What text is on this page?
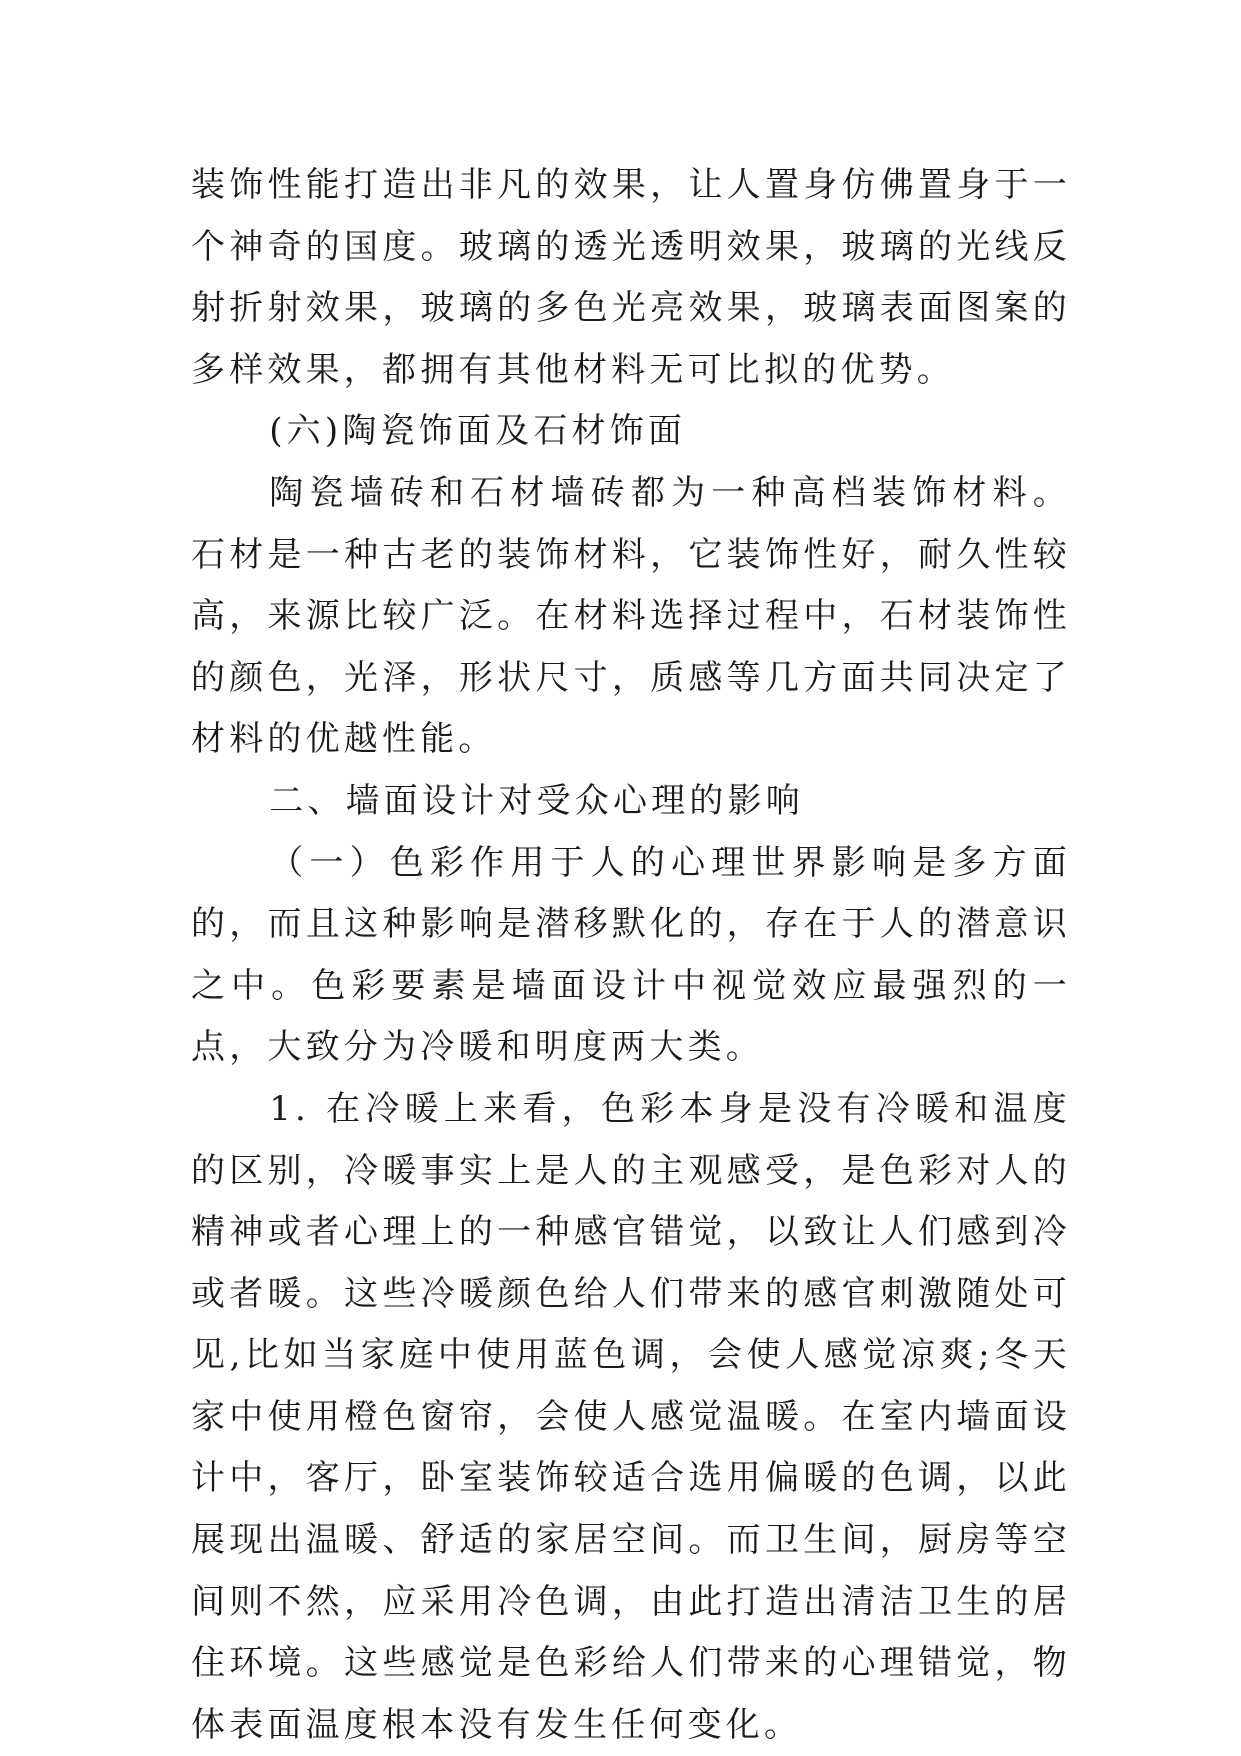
装饰性能打造出非凡的效果，让人置身仿佛置身于一个神奇的国度。玻璃的透光透明效果，玻璃的光线反射折射效果，玻璃的多色光亮效果，玻璃表面图案的多样效果，都拥有其他材料无可比拟的优势。

(六)陶瓷饰面及石材饰面

陶瓷墙砖和石材墙砖都为一种高档装饰材料。石材是一种古老的装饰材料，它装饰性好，耐久性较高，来源比较广泛。在材料选择过程中，石材装饰性的颜色，光泽，形状尺寸，质感等几方面共同决定了材料的优越性能。

二、墙面设计对受众心理的影响

（一）色彩作用于人的心理世界影响是多方面的，而且这种影响是潜移默化的，存在于人的潜意识之中。色彩要素是墙面设计中视觉效应最强烈的一点，大致分为冷暖和明度两大类。

1. 在冷暖上来看，色彩本身是没有冷暖和温度的区别，冷暖事实上是人的主观感受，是色彩对人的精神或者心理上的一种感官错觉，以致让人们感到冷或者暖。这些冷暖颜色给人们带来的感官刺激随处可见,比如当家庭中使用蓝色调，会使人感觉凉爽;冬天家中使用橙色窗帘，会使人感觉温暖。在室内墙面设计中，客厅，卧室装饰较适合选用偏暖的色调，以此展现出温暖、舒适的家居空间。而卫生间，厨房等空间则不然，应采用冷色调，由此打造出清洁卫生的居住环境。这些感觉是色彩给人们带来的心理错觉，物体表面温度根本没有发生任何变化。
